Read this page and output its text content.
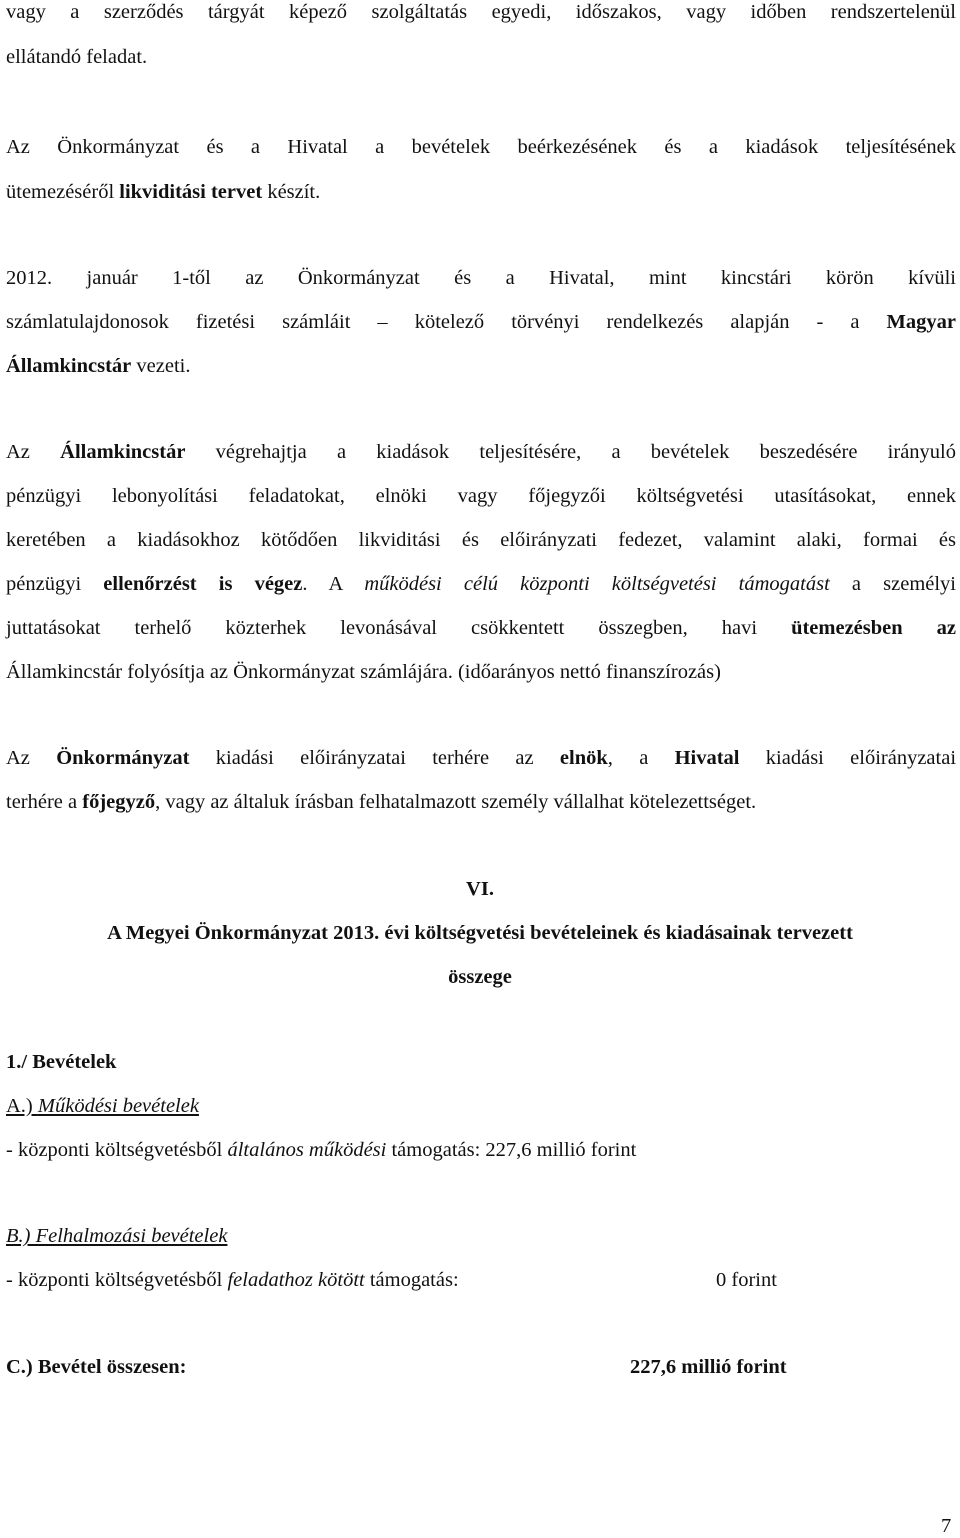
vagy a szerződés tárgyát képező szolgáltatás egyedi, időszakos, vagy időben rendszertelenül
ellátandó feladat.
Az Önkormányzat és a Hivatal a bevételek beérkezésének és a kiadások teljesítésének
ütemezéséről likviditási tervet készít.
2012. január 1-től az Önkormányzat és a Hivatal, mint kincstári körön kívüli
számlatulajdonosok fizetési számláit – kötelező törvényi rendelkezés alapján - a Magyar
Államkincstár vezeti.
Az Államkincstár végrehajtja a kiadások teljesítésére, a bevételek beszedésére irányuló
pénzügyi lebonyolítási feladatokat, elnöki vagy főjegyzői költségvetési utasításokat, ennek
keretében a kiadásokhoz kötődően likviditási és előirányzati fedezet, valamint alaki, formai és
pénzügyi ellenőrzést is végez. A működési célú központi költségvetési támogatást a személyi
juttatásokat terhelő közterhek levonásával csökkentett összegben, havi ütemezésben az
Államkincstár folyósítja az Önkormányzat számlájára. (időarányos nettó finanszírozás)
Az Önkormányzat kiadási előirányzatai terhére az elnök, a Hivatal kiadási előirányzatai
terhére a főjegyző, vagy az általuk írásban felhatalmazott személy vállalhat kötelezettséget.
VI.
A Megyei Önkormányzat 2013. évi költségvetési bevételeinek és kiadásainak tervezett
összege
1./ Bevételek
A.) Működési bevételek
- központi költségvetésből általános működési támogatás: 227,6 millió forint
B.) Felhalmozási bevételek
- központi költségvetésből feladathoz kötött támogatás:	0 forint
C.) Bevétel összesen:	227,6 millió forint
7
